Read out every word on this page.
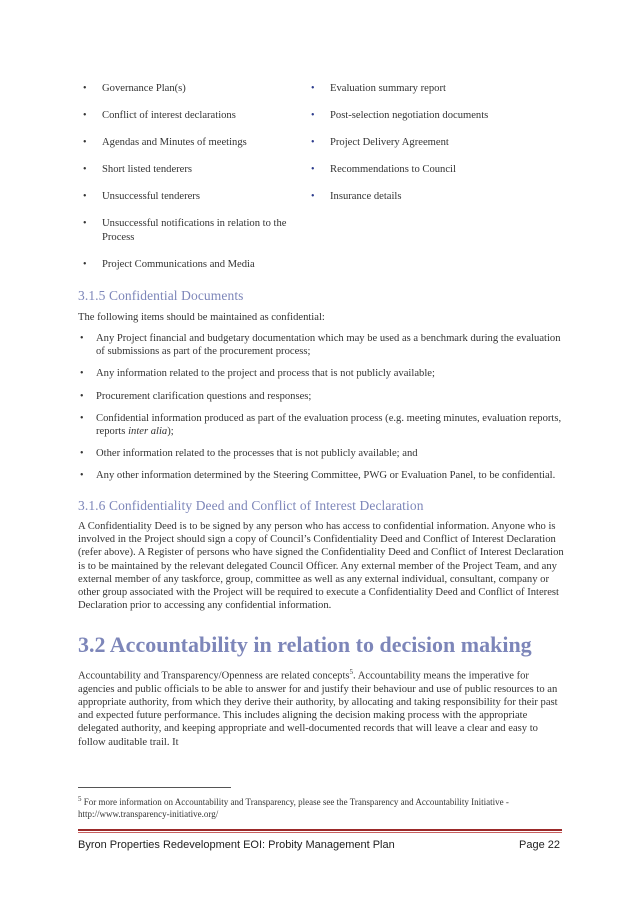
• Governance Plan(s)
• Conflict of interest declarations
• Agendas and Minutes of meetings
• Short listed tenderers
• Unsuccessful tenderers
• Unsuccessful notifications in relation to the Process
• Project Communications and Media
• Evaluation summary report
• Post-selection negotiation documents
• Project Delivery Agreement
• Recommendations to Council
• Insurance details
3.1.5 Confidential Documents
The following items should be maintained as confidential:
• Any Project financial and budgetary documentation which may be used as a benchmark during the evaluation of submissions as part of the procurement process;
• Any information related to the project and process that is not publicly available;
• Procurement clarification questions and responses;
• Confidential information produced as part of the evaluation process (e.g. meeting minutes, evaluation reports, reports inter alia);
• Other information related to the processes that is not publicly available; and
• Any other information determined by the Steering Committee, PWG or Evaluation Panel, to be confidential.
3.1.6 Confidentiality Deed and Conflict of Interest Declaration
A Confidentiality Deed is to be signed by any person who has access to confidential information. Anyone who is involved in the Project should sign a copy of Council’s Confidentiality Deed and Conflict of Interest Declaration (refer above). A Register of persons who have signed the Confidentiality Deed and Conflict of Interest Declaration is to be maintained by the relevant delegated Council Officer. Any external member of the Project Team, and any external member of any taskforce, group, committee as well as any external individual, consultant, company or other group associated with the Project will be required to execute a Confidentiality Deed and Conflict of Interest Declaration prior to accessing any confidential information.
3.2 Accountability in relation to decision making
Accountability and Transparency/Openness are related concepts$^5$. Accountability means the imperative for agencies and public officials to be able to answer for and justify their behaviour and use of public resources to an appropriate authority, from which they derive their authority, by allocating and taking responsibility for their past and expected future performance. This includes aligning the decision making process with the appropriate delegated authority, and keeping appropriate and well-documented records that will leave a clear and easy to follow auditable trail. It
$^5$ For more information on Accountability and Transparency, please see the Transparency and Accountability Initiative - http://www.transparency-initiative.org/
Byron Properties Redevelopment EOI: Probity Management Plan	Page 22
